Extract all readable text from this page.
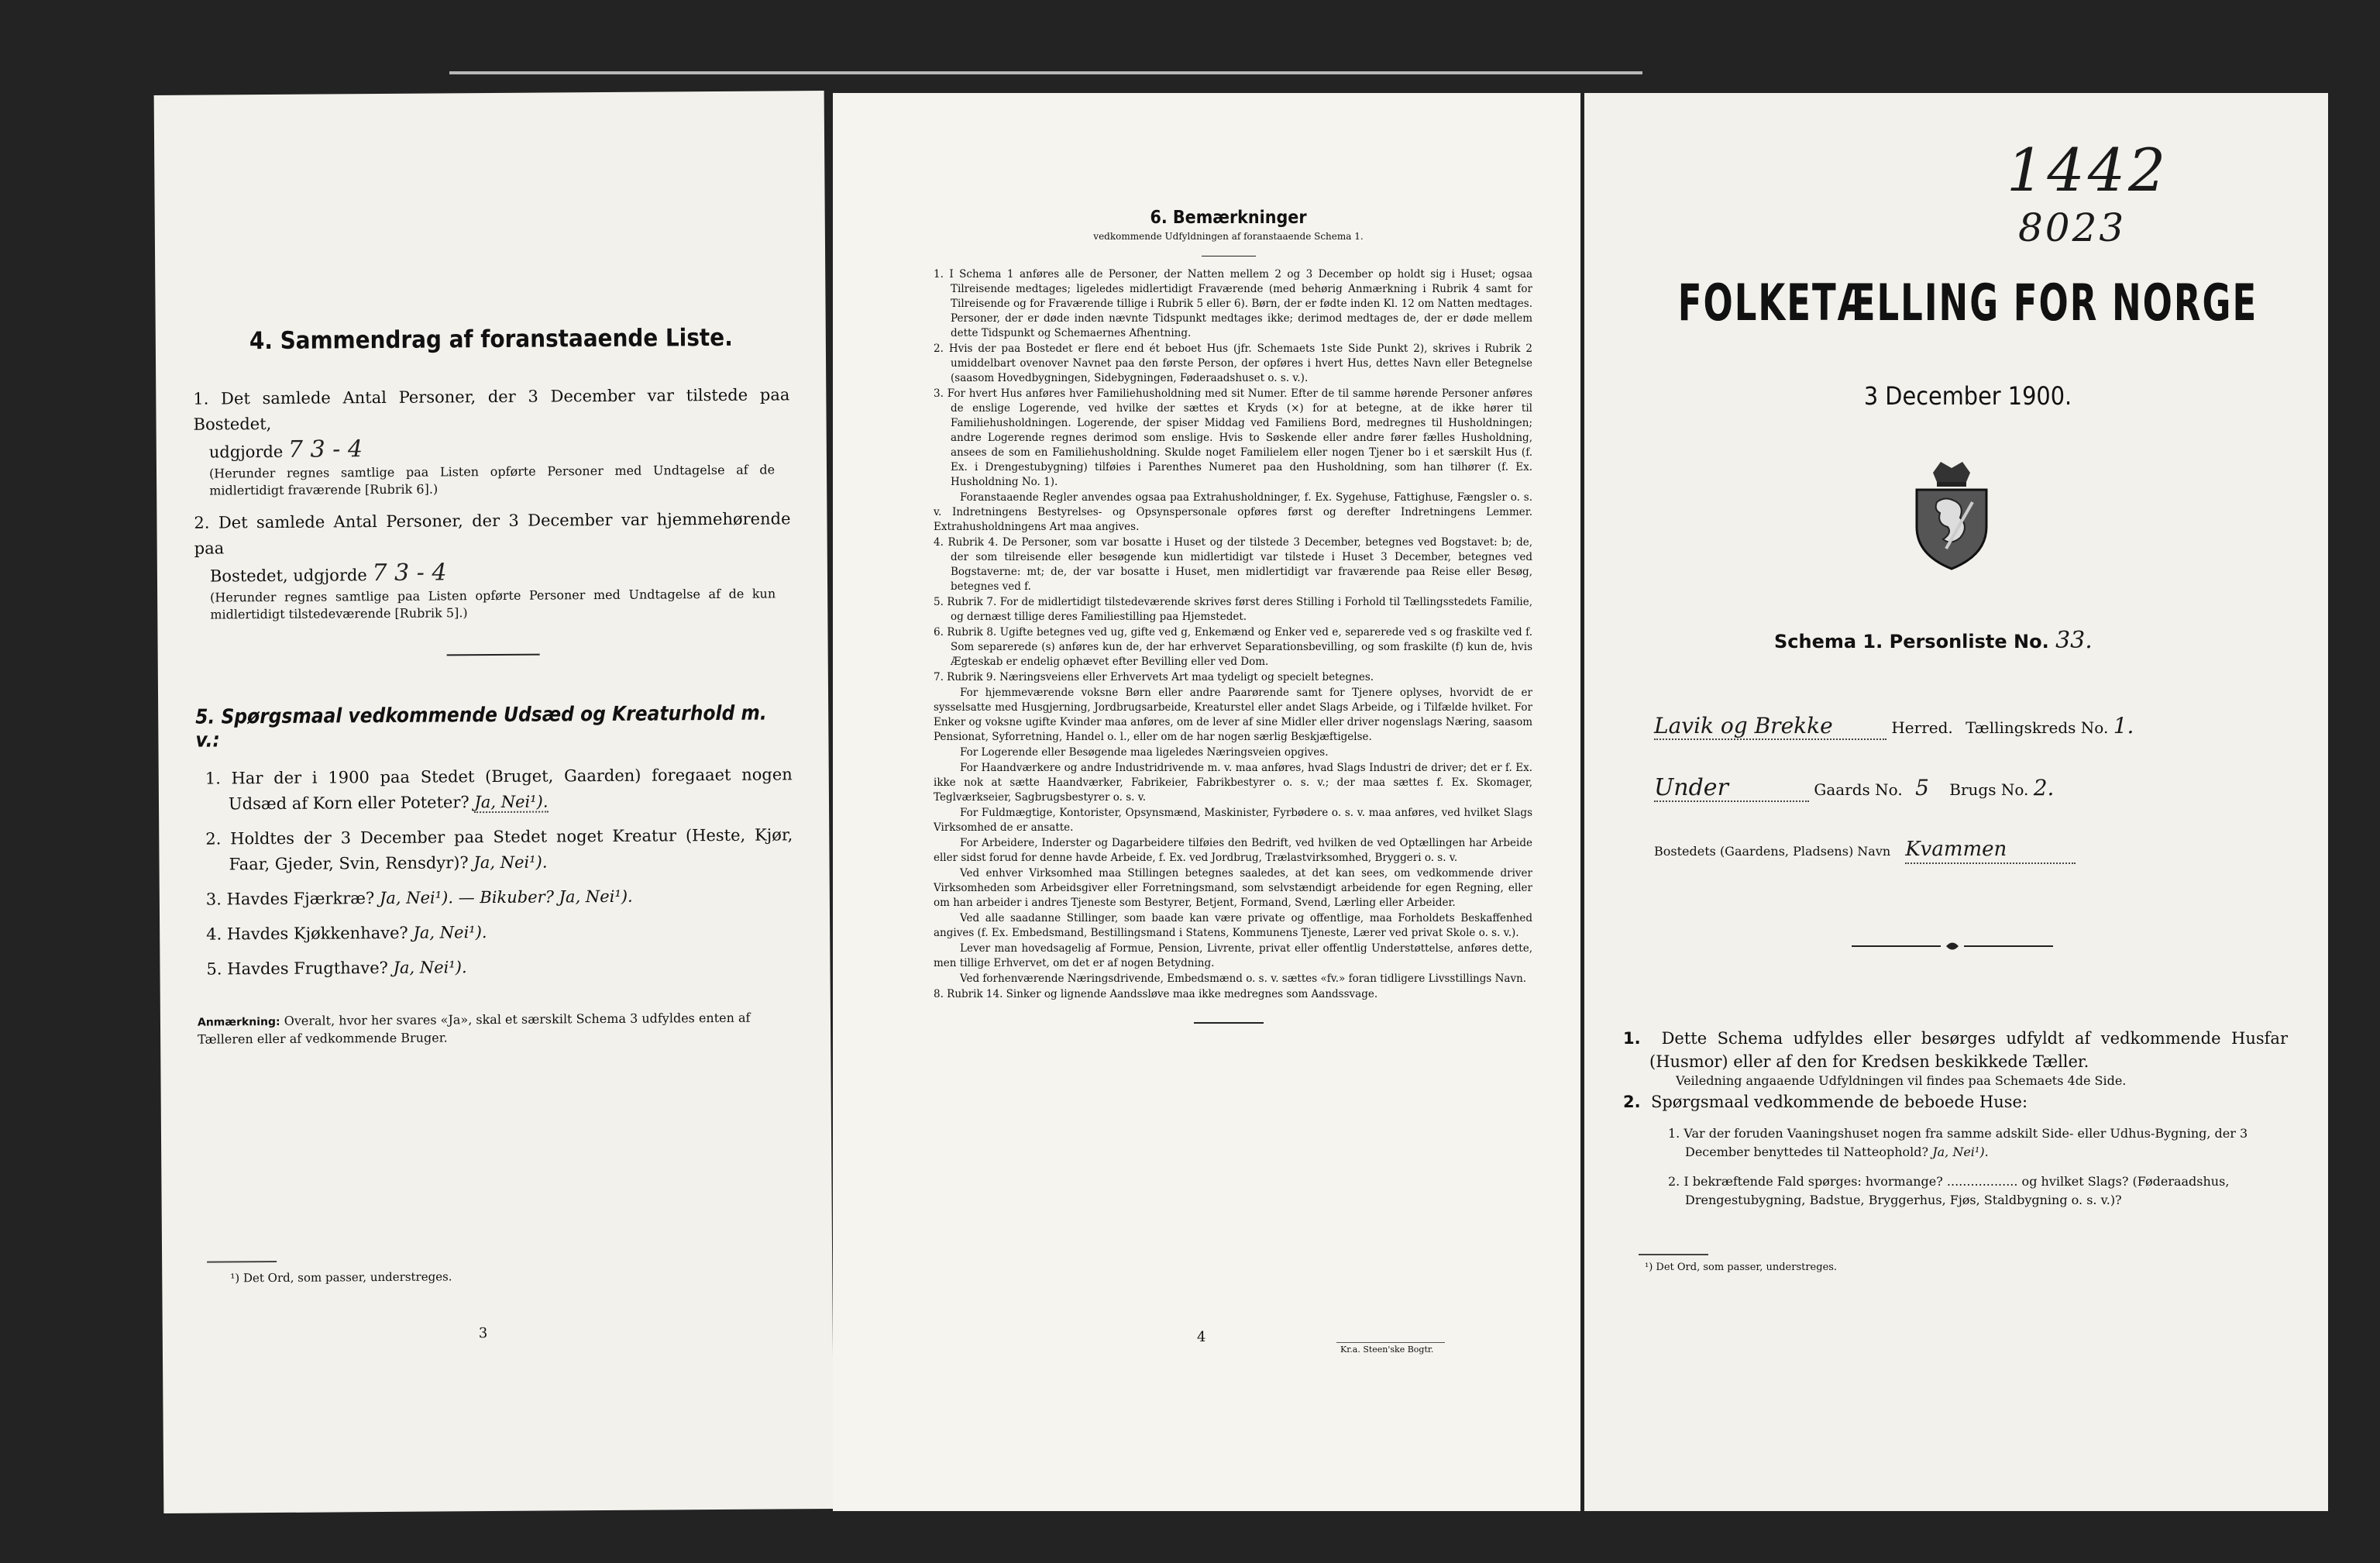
4. Sammendrag af foranstaaende Liste.
1. Det samlede Antal Personer, der 3 December var tilstede paa Bostedet,
udgjorde 7 3 - 4
(Herunder regnes samtlige paa Listen opførte Personer med Undtagelse af de midlertidigt fraværende [Rubrik 6].)
2. Det samlede Antal Personer, der 3 December var hjemmehørende paa
Bostedet, udgjorde 7 3 - 4
(Herunder regnes samtlige paa Listen opførte Personer med Undtagelse af de kun midlertidigt tilstedeværende [Rubrik 5].)
5. Spørgsmaal vedkommende Udsæd og Kreaturhold m. v.:
1. Har der i 1900 paa Stedet (Bruget, Gaarden) foregaaet nogen Udsæd af Korn eller Poteter? Ja, Nei¹).
2. Holdtes der 3 December paa Stedet noget Kreatur (Heste, Kjør, Faar, Gjeder, Svin, Rensdyr)? Ja, Nei¹).
3. Havdes Fjærkræ? Ja, Nei¹). — Bikuber? Ja, Nei¹).
4. Havdes Kjøkkenhave? Ja, Nei¹).
5. Havdes Frugthave? Ja, Nei¹).
Anmærkning: Overalt, hvor her svares «Ja», skal et særskilt Schema 3 udfyldes enten af Tælleren eller af vedkommende Bruger.
¹) Det Ord, som passer, understreges.
3
6. Bemærkninger
vedkommende Udfyldningen af foranstaaende Schema 1.
1. I Schema 1 anføres alle de Personer, der Natten mellem 2 og 3 December op holdt sig i Huset; ogsaa Tilreisende medtages; ligeledes midlertidigt Fraværende (med behørig Anmærkning i Rubrik 4 samt for Tilreisende og for Fraværende tillige i Rubrik 5 eller 6). Børn, der er fødte inden Kl. 12 om Natten medtages. Personer, der er døde inden nævnte Tidspunkt medtages ikke; derimod medtages de, der er døde mellem dette Tidspunkt og Schemaernes Afhentning.
2. Hvis der paa Bostedet er flere end ét beboet Hus (jfr. Schemaets 1ste Side Punkt 2), skrives i Rubrik 2 umiddelbart ovenover Navnet paa den første Person, der opføres i hvert Hus, dettes Navn eller Betegnelse (saasom Hovedbygningen, Sidebygningen, Føderaadshuset o. s. v.).
3. For hvert Hus anføres hver Familiehusholdning med sit Numer. Efter de til samme hørende Personer anføres de enslige Logerende, ved hvilke der sættes et Kryds (×) for at betegne, at de ikke hører til Familiehusholdningen. Logerende, der spiser Middag ved Familiens Bord, medregnes til Husholdningen; andre Logerende regnes derimod som enslige. Hvis to Søskende eller andre fører fælles Husholdning, ansees de som en Familiehusholdning. Skulde noget Familielem eller nogen Tjener bo i et særskilt Hus (f. Ex. i Drengestubygning) tilføies i Parenthes Numeret paa den Husholdning, som han tilhører (f. Ex. Husholdning No. 1).
Foranstaaende Regler anvendes ogsaa paa Extrahusholdninger, f. Ex. Sygehuse, Fattighuse, Fængsler o. s. v. Indretningens Bestyrelses- og Opsynspersonale opføres først og derefter Indretningens Lemmer. Extrahusholdningens Art maa angives.
4. Rubrik 4. De Personer, som var bosatte i Huset og der tilstede 3 December, betegnes ved Bogstavet: b; de, der som tilreisende eller besøgende kun midlertidigt var tilstede i Huset 3 December, betegnes ved Bogstaverne: mt; de, der var bosatte i Huset, men midlertidigt var fraværende paa Reise eller Besøg, betegnes ved f.
5. Rubrik 7. For de midlertidigt tilstedeværende skrives først deres Stilling i Forhold til Tællingsstedets Familie, og dernæst tillige deres Familiestilling paa Hjemstedet.
6. Rubrik 8. Ugifte betegnes ved ug, gifte ved g, Enkemænd og Enker ved e, separerede ved s og fraskilte ved f. Som separerede (s) anføres kun de, der har erhvervet Separationsbevilling, og som fraskilte (f) kun de, hvis Ægteskab er endelig ophævet efter Bevilling eller ved Dom.
7. Rubrik 9. Næringsveiens eller Erhvervets Art maa tydeligt og specielt betegnes.
For hjemmeværende voksne Børn eller andre Paarørende samt for Tjenere oplyses, hvorvidt de er sysselsatte med Husgjerning, Jordbrugsarbeide, Kreaturstel eller andet Slags Arbeide, og i Tilfælde hvilket. For Enker og voksne ugifte Kvinder maa anføres, om de lever af sine Midler eller driver nogenslags Næring, saasom Pensionat, Syforretning, Handel o. l., eller om de har nogen særlig Beskjæftigelse.
For Logerende eller Besøgende maa ligeledes Næringsveien opgives.
For Haandværkere og andre Industridrivende m. v. maa anføres, hvad Slags Industri de driver; det er f. Ex. ikke nok at sætte Haandværker, Fabrikeier, Fabrikbestyrer o. s. v.; der maa sættes f. Ex. Skomager, Teglværkseier, Sagbrugsbestyrer o. s. v.
For Fuldmægtige, Kontorister, Opsynsmænd, Maskinister, Fyrbødere o. s. v. maa anføres, ved hvilket Slags Virksomhed de er ansatte.
For Arbeidere, Inderster og Dagarbeidere tilføies den Bedrift, ved hvilken de ved Optællingen har Arbeide eller sidst forud for denne havde Arbeide, f. Ex. ved Jordbrug, Trælastvirksomhed, Bryggeri o. s. v.
Ved enhver Virksomhed maa Stillingen betegnes saaledes, at det kan sees, om vedkommende driver Virksomheden som Arbeidsgiver eller Forretningsmand, som selvstændigt arbeidende for egen Regning, eller om han arbeider i andres Tjeneste som Bestyrer, Betjent, Formand, Svend, Lærling eller Arbeider.
Ved alle saadanne Stillinger, som baade kan være private og offentlige, maa Forholdets Beskaffenhed angives (f. Ex. Embedsmand, Bestillingsmand i Statens, Kommunens Tjeneste, Lærer ved privat Skole o. s. v.).
Lever man hovedsagelig af Formue, Pension, Livrente, privat eller offentlig Understøttelse, anføres dette, men tillige Erhvervet, om det er af nogen Betydning.
Ved forhenværende Næringsdrivende, Embedsmænd o. s. v. sættes «fv.» foran tidligere Livsstillings Navn.
8. Rubrik 14. Sinker og lignende Aandssløve maa ikke medregnes som Aandssvage.
4
Kr.a. Steen'ske Bogtr.
1442
8023
FOLKETÆLLING FOR NORGE
3 December 1900.
Schema 1. Personliste No. 33.
Lavik og Brekke	Herred. Tællingskreds No. 1.
Under	Gaards No. 5 Brugs No. 2.
Bostedets (Gaardens, Pladsens) Navn Kvammen
1. Dette Schema udfyldes eller besørges udfyldt af vedkommende Husfar (Husmor) eller af den for Kredsen beskikkede Tæller.
Veiledning angaaende Udfyldningen vil findes paa Schemaets 4de Side.
2. Spørgsmaal vedkommende de beboede Huse:
1. Var der foruden Vaaningshuset nogen fra samme adskilt Side- eller Udhus-Bygning, der 3 December benyttedes til Natteophold? Ja, Nei¹).
2. I bekræftende Fald spørges: hvormange? .................. og hvilket Slags? (Føderaadshus, Drengestubygning, Badstue, Bryggerhus, Fjøs, Staldbygning o. s. v.)?
¹) Det Ord, som passer, understreges.
